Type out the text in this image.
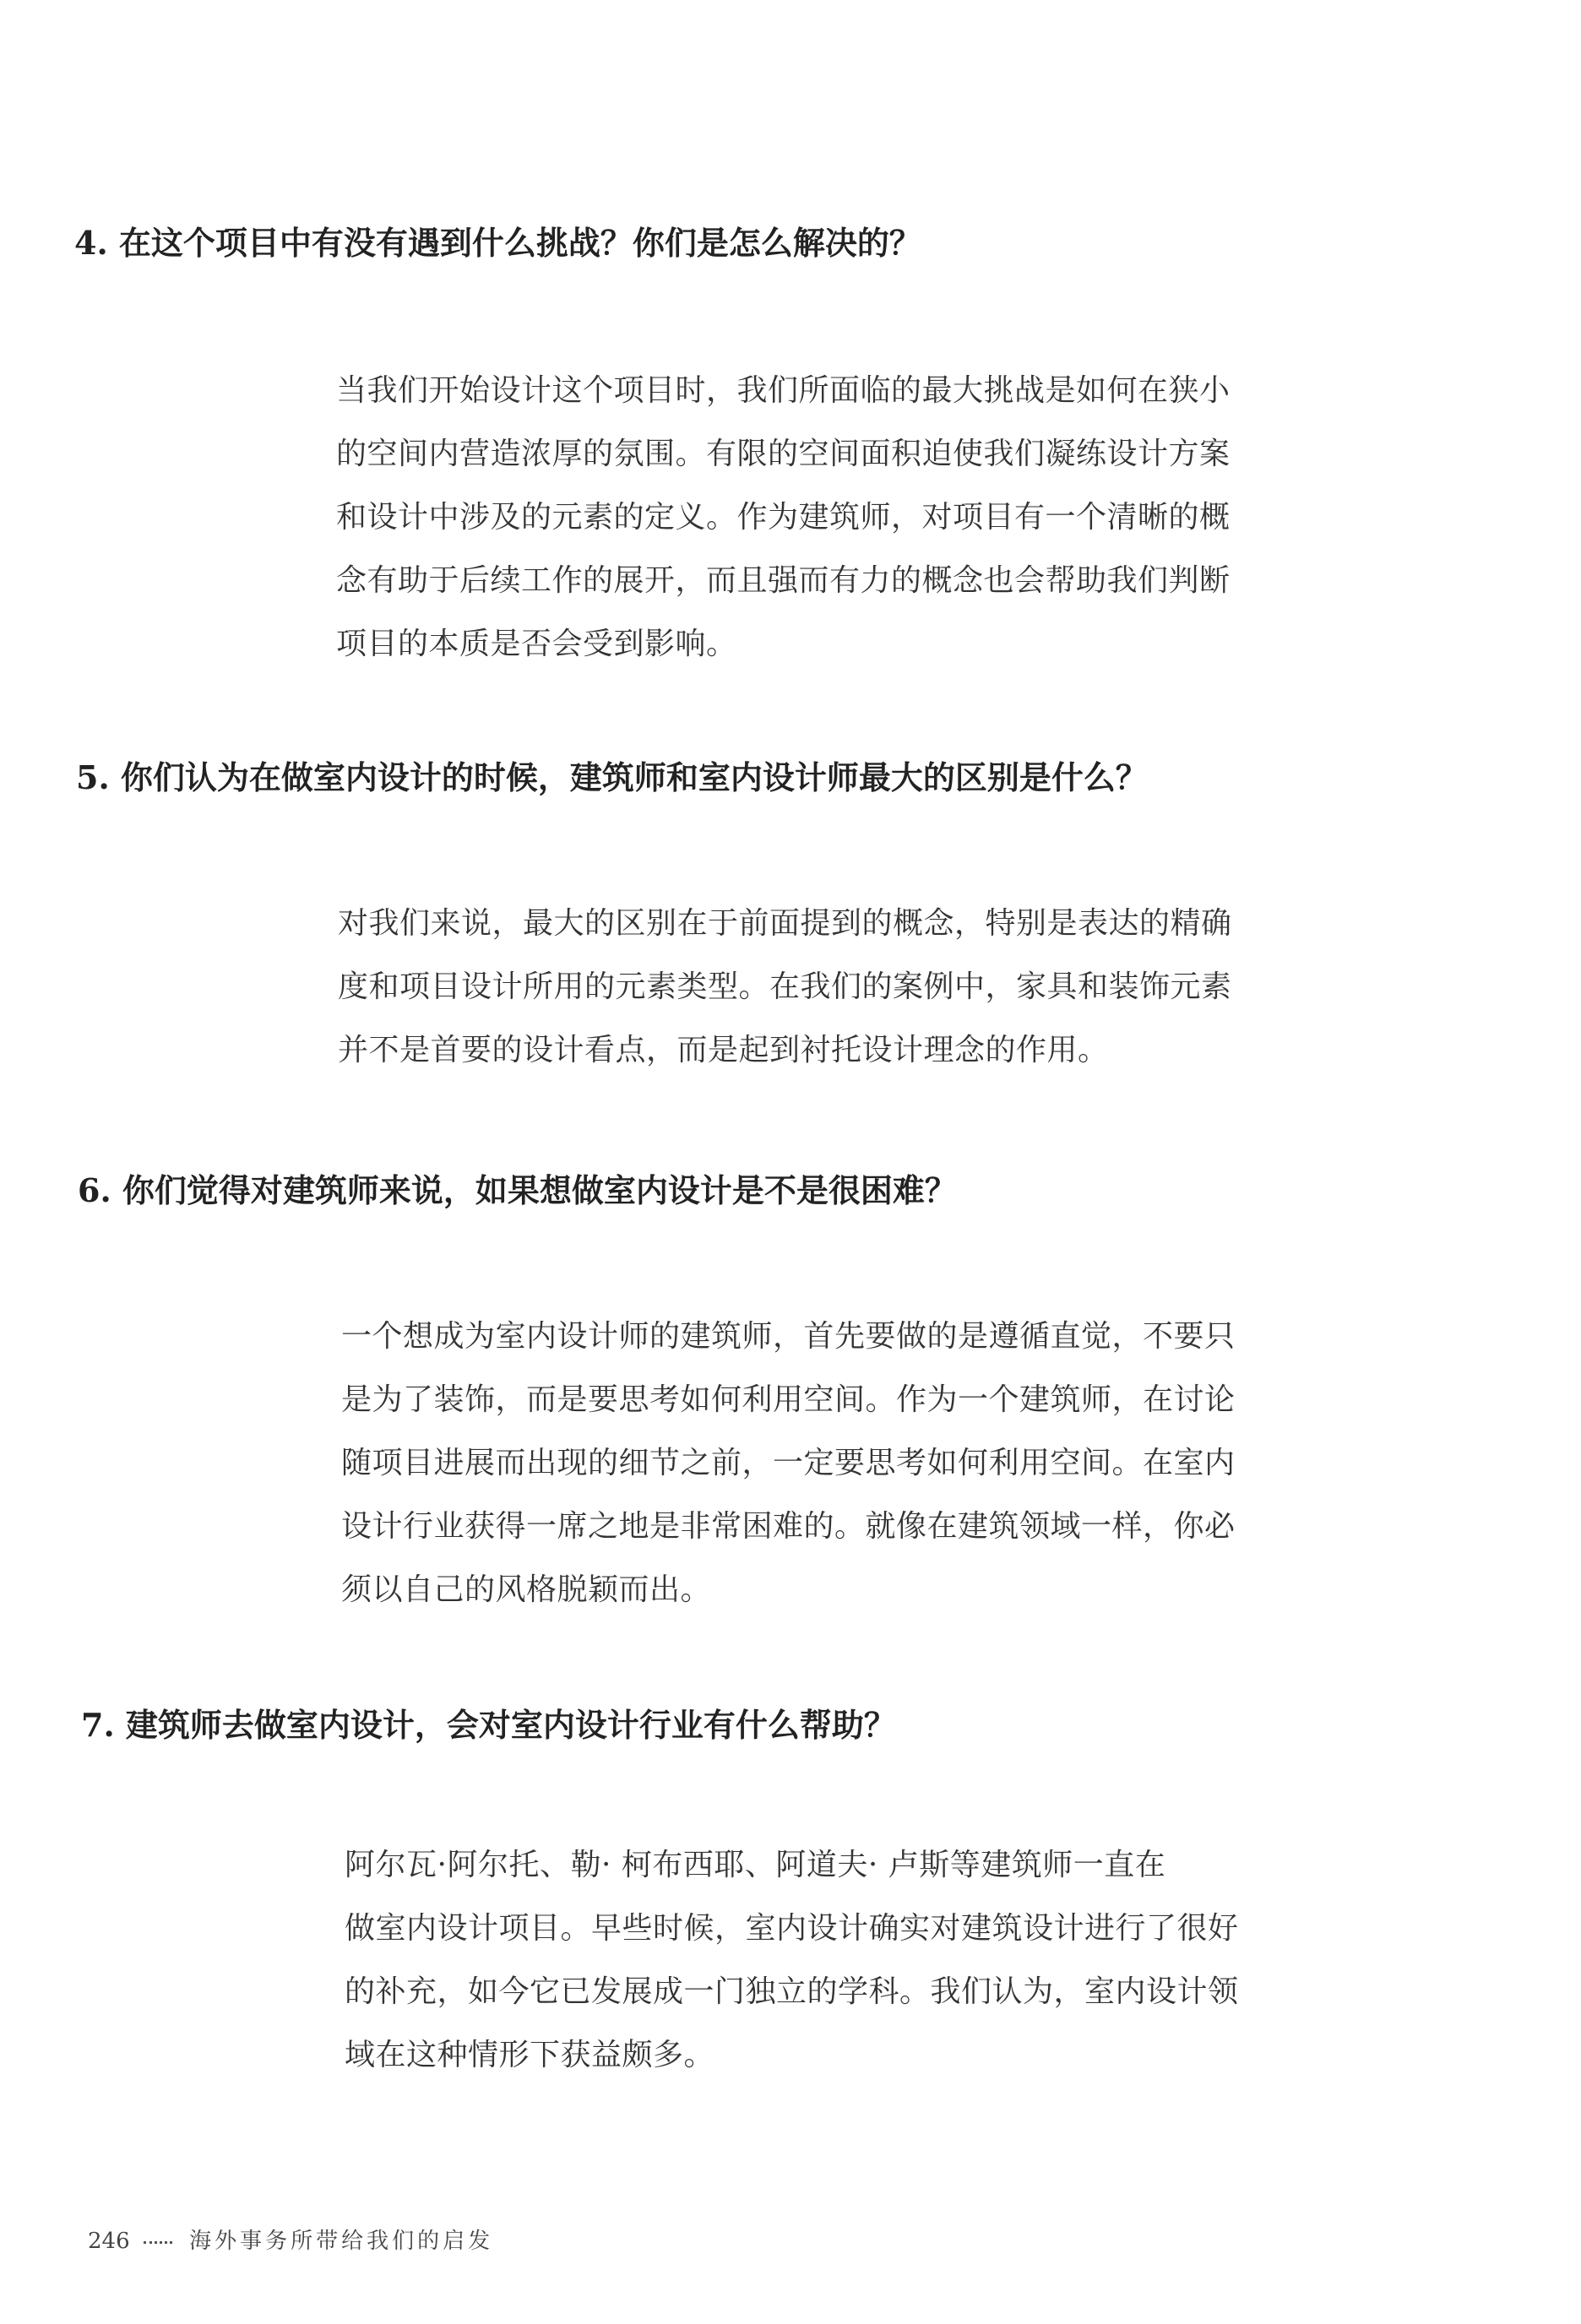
4. 在这个项目中有没有遇到什么挑战？你们是怎么解决的？

当我们开始设计这个项目时，我们所面临的最大挑战是如何在狭小
的空间内营造浓厚的氛围。有限的空间面积迫使我们凝练设计方案
和设计中涉及的元素的定义。作为建筑师，对项目有一个清晰的概
念有助于后续工作的展开，而且强而有力的概念也会帮助我们判断
项目的本质是否会受到影响。

5. 你们认为在做室内设计的时候，建筑师和室内设计师最大的区别是什么？

对我们来说，最大的区别在于前面提到的概念，特别是表达的精确
度和项目设计所用的元素类型。在我们的案例中，家具和装饰元素
并不是首要的设计看点，而是起到衬托设计理念的作用。

6. 你们觉得对建筑师来说，如果想做室内设计是不是很困难？

一个想成为室内设计师的建筑师，首先要做的是遵循直觉，不要只
是为了装饰，而是要思考如何利用空间。作为一个建筑师，在讨论
随项目进展而出现的细节之前，一定要思考如何利用空间。在室内
设计行业获得一席之地是非常困难的。就像在建筑领域一样，你必
须以自己的风格脱颖而出。

7. 建筑师去做室内设计，会对室内设计行业有什么帮助？

阿尔瓦·阿尔托、勒· 柯布西耶、阿道夫· 卢斯等建筑师一直在
做室内设计项目。早些时候，室内设计确实对建筑设计进行了很好
的补充，如今它已发展成一门独立的学科。我们认为，室内设计领
域在这种情形下获益颇多。

246	海外事务所带给我们的启发
